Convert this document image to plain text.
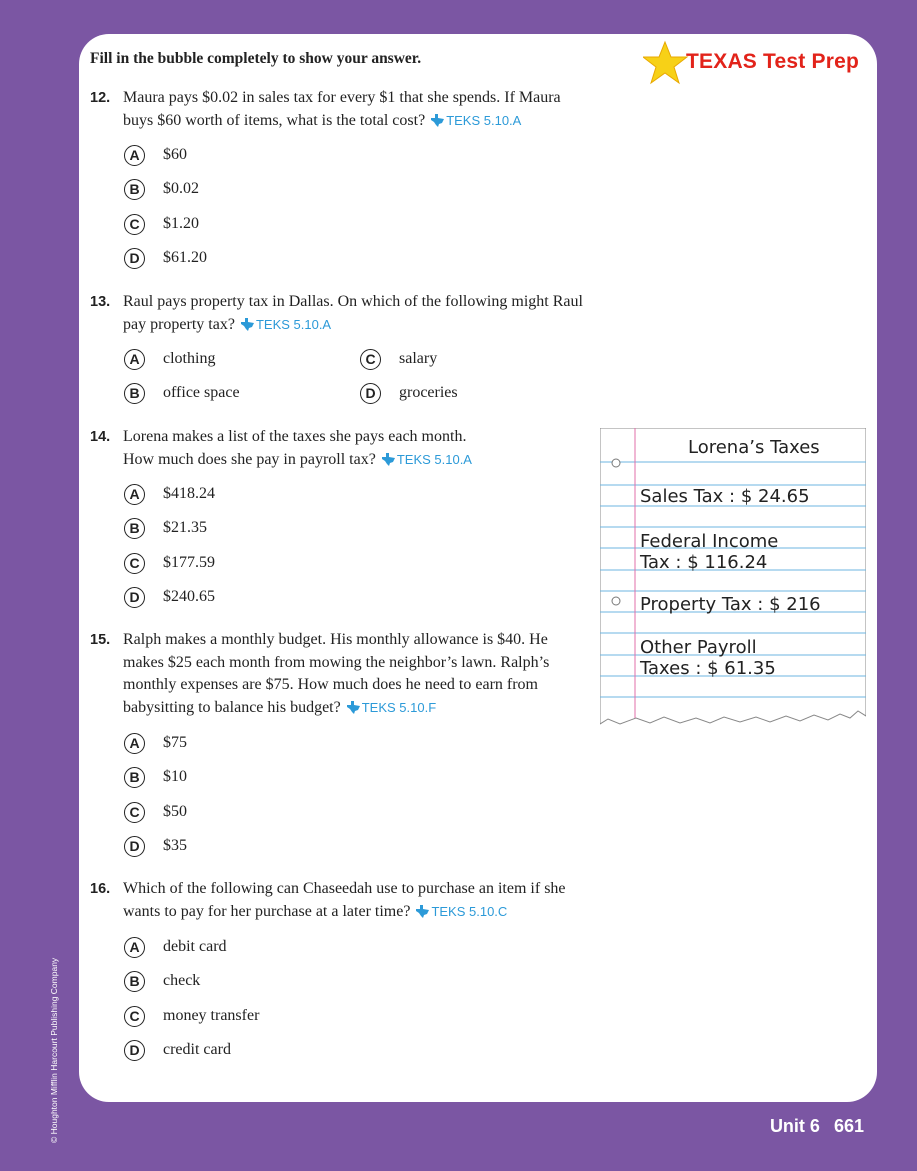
Fill in the bubble completely to show your answer.	TEXAS Test Prep
12. Maura pays $0.02 in sales tax for every $1 that she spends. If Maura
buys $60 worth of items, what is the total cost? TEKS 5.10.A
A	$60
B	$0.02
C	$1.20
D	$61.20
13. Raul pays property tax in Dallas. On which of the following might Raul
pay property tax? TEKS 5.10.A
A	clothing
B	office space
C	salary
D	groceries
14. Lorena makes a list of the taxes she pays each month.
How much does she pay in payroll tax? TEKS 5.10.A
A	$418.24
B	$21.35
C	$177.59
D	$240.65
Lorena’s Taxes
Sales Tax : $ 24.65
Federal Income
Tax : $ 116.24
Property Tax : $ 216
Other Payroll
Taxes : $ 61.35
15. Ralph makes a monthly budget. His monthly allowance is $40. He
makes $25 each month from mowing the neighbor’s lawn. Ralph’s
monthly expenses are $75. How much does he need to earn from
babysitting to balance his budget? TEKS 5.10.F
A	$75
B	$10
C	$50
D	$35
16. Which of the following can Chaseedah use to purchase an item if she
wants to pay for her purchase at a later time? TEKS 5.10.C
A	debit card
B	check
C	money transfer
D	credit card
Unit 6 661
© Houghton Mifflin Harcourt Publishing Company
